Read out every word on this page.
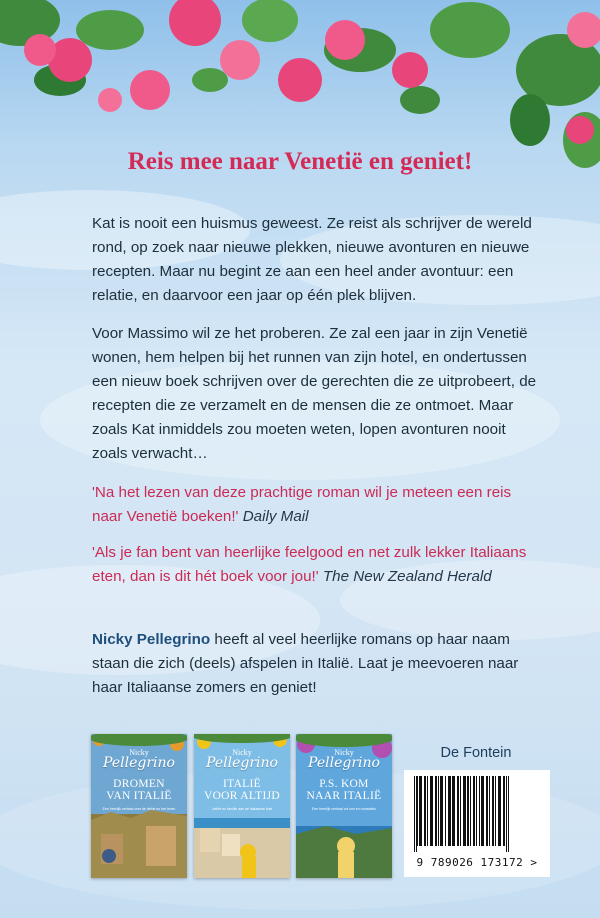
Reis mee naar Venetië en geniet!

Kat is nooit een huismus geweest. Ze reist als schrijver de wereld rond, op zoek naar nieuwe plekken, nieuwe avonturen en nieuwe recepten. Maar nu begint ze aan een heel ander avontuur: een relatie, en daarvoor een jaar op één plek blijven.

Voor Massimo wil ze het proberen. Ze zal een jaar in zijn Venetië wonen, hem helpen bij het runnen van zijn hotel, en ondertussen een nieuw boek schrijven over de gerechten die ze uitprobeert, de recepten die ze verzamelt en de mensen die ze ontmoet. Maar zoals Kat inmiddels zou moeten weten, lopen avonturen nooit zoals verwacht…

'Na het lezen van deze prachtige roman wil je meteen een reis naar Venetië boeken!' Daily Mail

'Als je fan bent van heerlijke feelgood en net zulk lekker Italiaans eten, dan is dit hét boek voor jou!' The New Zealand Herald

Nicky Pellegrino heeft al veel heerlijke romans op haar naam staan die zich (deels) afspelen in Italië. Laat je meevoeren naar haar Italiaanse zomers en geniet!

Nicky
Pellegrino
DROMEN
VAN ITALIË
Een heerlijk verhaal over de liefde en het leven
Nicky
Pellegrino
ITALIË
VOOR ALTIJD
Liefde en familie aan de Italiaanse kust
Nicky
Pellegrino
P.S. KOM
NAAR ITALIË
Een heerlijk verhaal vol zon en romantiek
De Fontein
9 789026 173172 >
